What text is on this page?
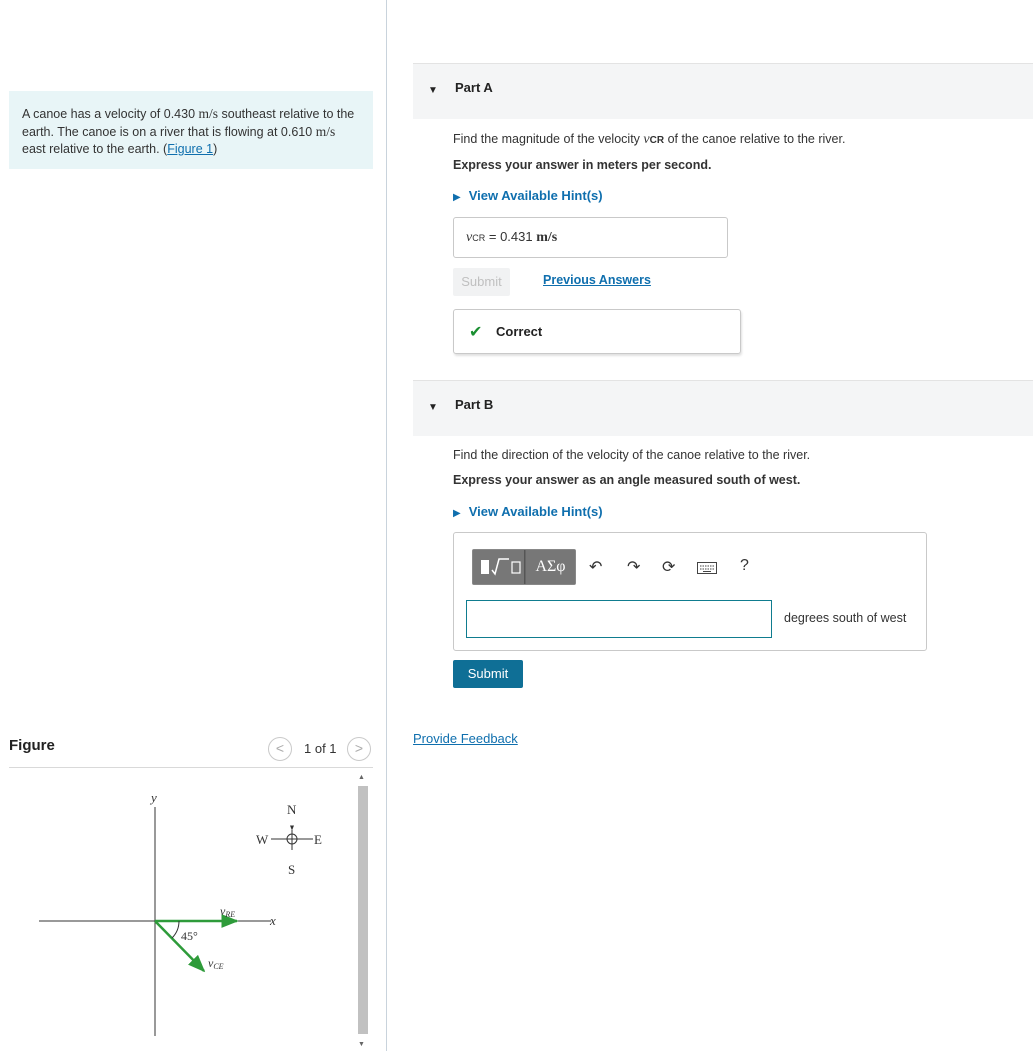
A canoe has a velocity of 0.430 m/s southeast relative to the earth. The canoe is on a river that is flowing at 0.610 m/s east relative to the earth. (Figure 1)
Figure	<	1 of 1	>
y
x
N
S
E
W
45°
vRE
vCE
▲
▼
▼ Part A
Find the magnitude of the velocity vCR of the canoe relative to the river.
Express your answer in meters per second.
▶ View Available Hint(s)
vCR = 0.431 m/s
Submit	Previous Answers
✔ Correct
▼ Part B
Find the direction of the velocity of the canoe relative to the river.
Express your answer as an angle measured south of west.
▶ View Available Hint(s)
ΑΣφ	↶ ↷ ⟳	?
degrees south of west
Submit
Provide Feedback
